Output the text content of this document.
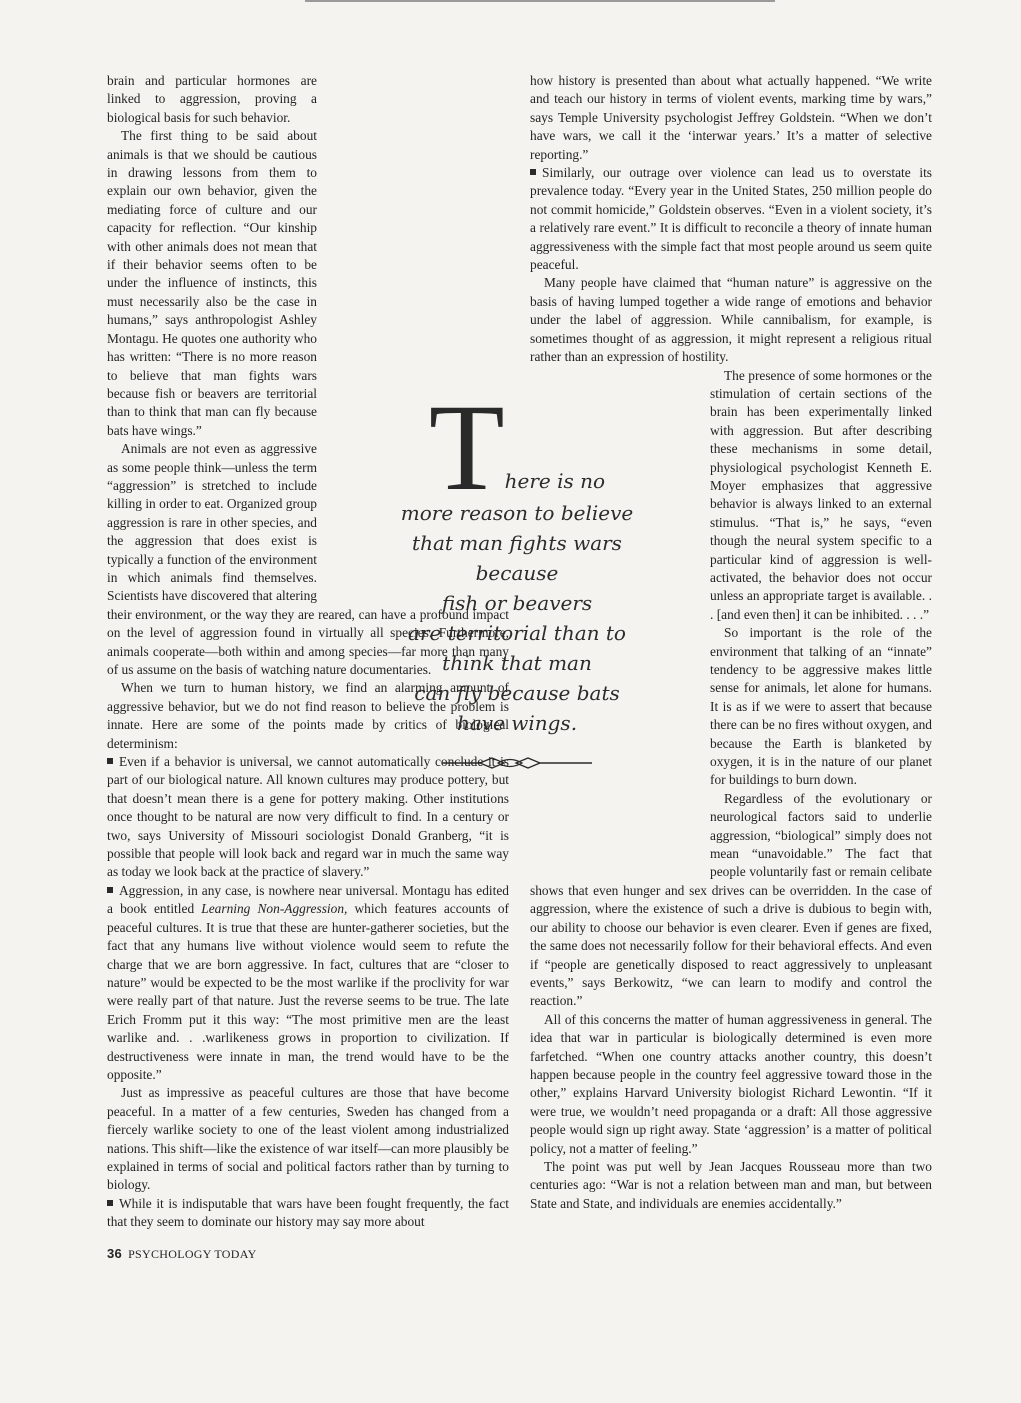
brain and particular hormones are linked to aggression, proving a biological basis for such behavior.

The first thing to be said about animals is that we should be cautious in drawing lessons from them to explain our own behavior, given the mediating force of culture and our capacity for reflection. “Our kinship with other animals does not mean that if their behavior seems often to be under the influence of instincts, this must necessarily also be the case in humans,” says anthropologist Ashley Montagu. He quotes one authority who has written: “There is no more reason to believe that man fights wars because fish or beavers are territorial than to think that man can fly because bats have wings.”

Animals are not even as aggressive as some people think—unless the term “aggression” is stretched to include killing in order to eat. Organized group aggression is rare in other species, and the aggression that does exist is typically a function of the environment in which animals find themselves. Scientists have discovered that altering their environment, or the way they are reared, can have a profound impact on the level of aggression found in virtually all species. Furthermore, animals cooperate—both within and among species—far more than many of us assume on the basis of watching nature documentaries.

When we turn to human history, we find an alarming amount of aggressive behavior, but we do not find reason to believe the problem is innate. Here are some of the points made by critics of biological determinism:

Even if a behavior is universal, we cannot automatically conclude it is part of our biological nature. All known cultures may produce pottery, but that doesn’t mean there is a gene for pottery making. Other institutions once thought to be natural are now very difficult to find. In a century or two, says University of Missouri sociologist Donald Granberg, “it is possible that people will look back and regard war in much the same way as today we look back at the practice of slavery.”

Aggression, in any case, is nowhere near universal. Montagu has edited a book entitled Learning Non-Aggression, which features accounts of peaceful cultures. It is true that these are hunter-gatherer societies, but the fact that any humans live without violence would seem to refute the charge that we are born aggressive. In fact, cultures that are “closer to nature” would be expected to be the most warlike if the proclivity for war were really part of that nature. Just the reverse seems to be true. The late Erich Fromm put it this way: “The most primitive men are the least warlike and. . .warlikeness grows in proportion to civilization. If destructiveness were innate in man, the trend would have to be the opposite.”

Just as impressive as peaceful cultures are those that have become peaceful. In a matter of a few centuries, Sweden has changed from a fiercely warlike society to one of the least violent among industrialized nations. This shift—like the existence of war itself—can more plausibly be explained in terms of social and political factors rather than by turning to biology.

While it is indisputable that wars have been fought frequently, the fact that they seem to dominate our history may say more about

how history is presented than about what actually happened. “We write and teach our history in terms of violent events, marking time by wars,” says Temple University psychologist Jeffrey Goldstein. “When we don’t have wars, we call it the ‘interwar years.’ It’s a matter of selective reporting.”

Similarly, our outrage over violence can lead us to overstate its prevalence today. “Every year in the United States, 250 million people do not commit homicide,” Goldstein observes. “Even in a violent society, it’s a relatively rare event.” It is difficult to reconcile a theory of innate human aggressiveness with the simple fact that most people around us seem quite peaceful.

Many people have claimed that “human nature” is aggressive on the basis of having lumped together a wide range of emotions and behavior under the label of aggression. While cannibalism, for example, is sometimes thought of as aggression, it might represent a religious ritual rather than an expression of hostility.

The presence of some hormones or the stimulation of certain sections of the brain has been experimentally linked with aggression. But after describing these mechanisms in some detail, physiological psychologist Kenneth E. Moyer emphasizes that aggressive behavior is always linked to an external stimulus. “That is,” he says, “even though the neural system specific to a particular kind of aggression is well-activated, the behavior does not occur unless an appropriate target is available. . . [and even then] it can be inhibited. . . .”

So important is the role of the environment that talking of an “innate” tendency to be aggressive makes little sense for animals, let alone for humans. It is as if we were to assert that because there can be no fires without oxygen, and because the Earth is blanketed by oxygen, it is in the nature of our planet for buildings to burn down.

Regardless of the evolutionary or neurological factors said to underlie aggression, “biological” simply does not mean “unavoidable.” The fact that people voluntarily fast or remain celibate shows that even hunger and sex drives can be overridden. In the case of aggression, where the existence of such a drive is dubious to begin with, our ability to choose our behavior is even clearer. Even if genes are fixed, the same does not necessarily follow for their behavioral effects. And even if “people are genetically disposed to react aggressively to unpleasant events,” says Berkowitz, “we can learn to modify and control the reaction.”

All of this concerns the matter of human aggressiveness in general. The idea that war in particular is biologically determined is even more farfetched. “When one country attacks another country, this doesn’t happen because people in the country feel aggressive toward those in the other,” explains Harvard University biologist Richard Lewontin. “If it were true, we wouldn’t need propaganda or a draft: All those aggressive people would sign up right away. State ‘aggression’ is a matter of political policy, not a matter of feeling.”

The point was put well by Jean Jacques Rousseau more than two centuries ago: “War is not a relation between man and man, but between State and State, and individuals are enemies accidentally.”

T here is no
more reason to believe
that man fights wars because
fish or beavers
are territorial than to
think that man
can fly because bats
have wings.
36 PSYCHOLOGY TODAY
